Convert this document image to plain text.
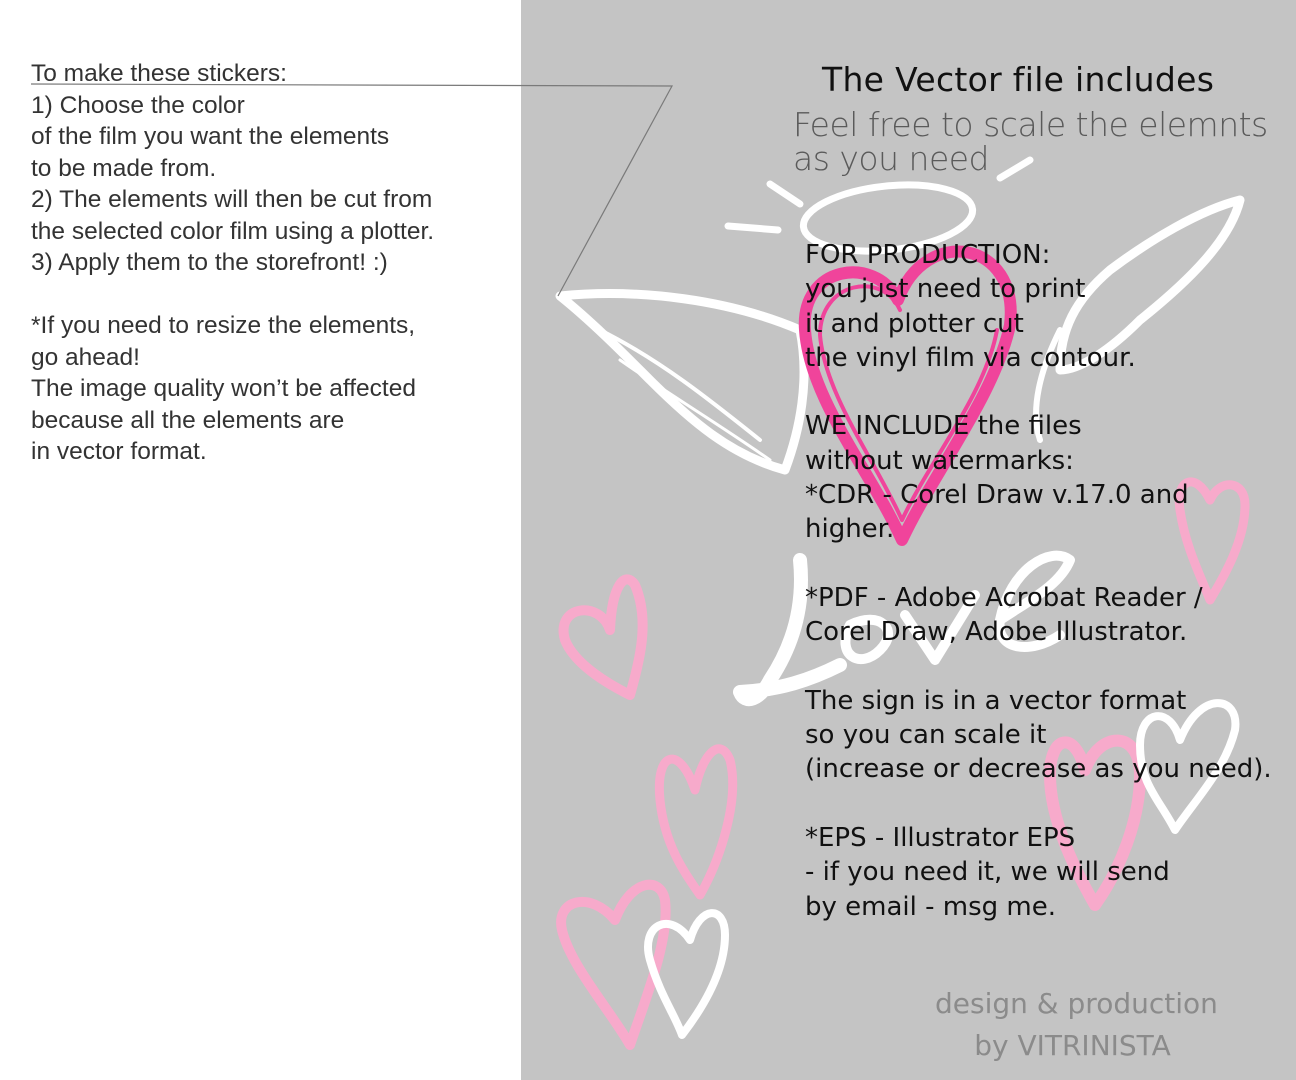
To make these stickers:
1) Choose the color
of the film you want the elements
to be made from.
2) The elements will then be cut from
the selected color film using a plotter.
3) Apply them to the storefront! :)
*If you need to resize the elements,
go ahead!
The image quality won’t be affected
because all the elements are
in vector format.
The Vector file includes
Feel free to scale the elemnts
as you need
FOR PRODUCTION:
you just need to print
it and plotter cut
the vinyl film via contour.
WE INCLUDE the files
without watermarks:
*CDR - Corel Draw v.17.0 and
higher.
*PDF - Adobe Acrobat Reader /
Corel Draw, Adobe Illustrator.
The sign is in a vector format
so you can scale it
(increase or decrease as you need).
*EPS - Illustrator EPS
- if you need it, we will send
by email - msg me.
design & production
by VITRINISTA
